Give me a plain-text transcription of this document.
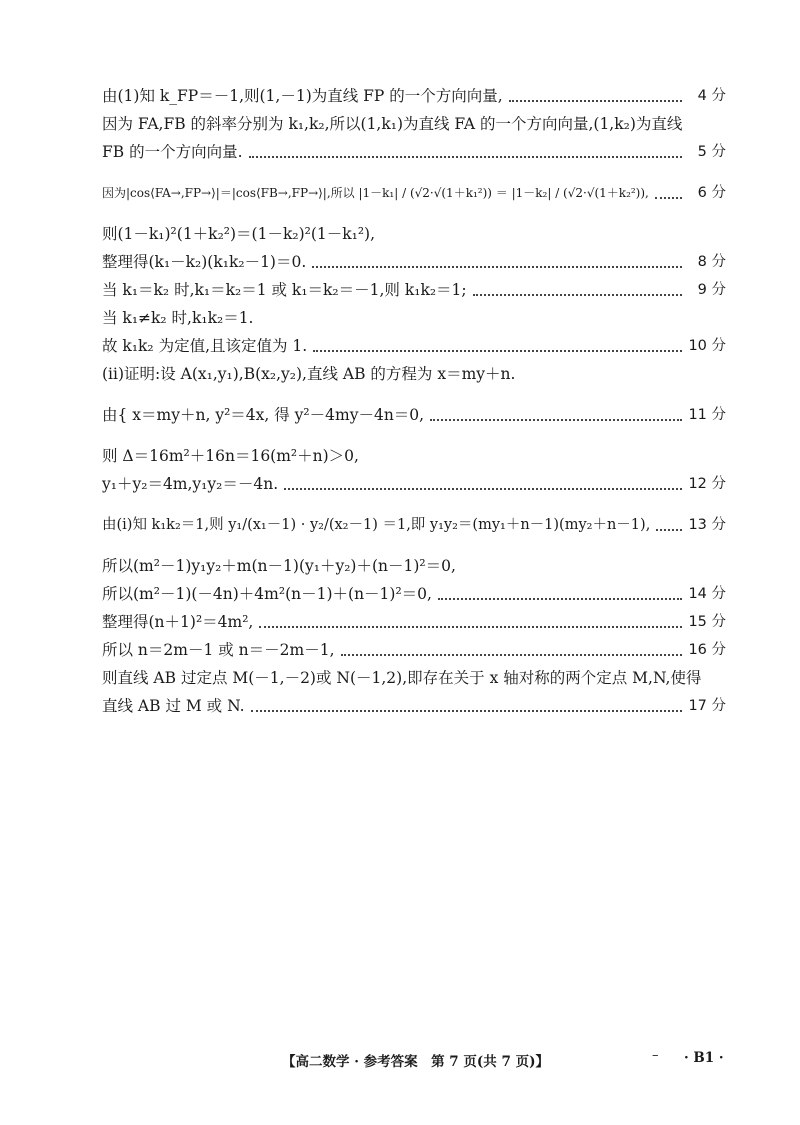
由(1)知 k_FP＝－1,则(1,－1)为直线 FP 的一个方向向量,	4 分
因为 FA,FB 的斜率分别为 k₁,k₂,所以(1,k₁)为直线 FA 的一个方向向量,(1,k₂)为直线
FB 的一个方向向量.	5 分
因为|cos⟨FA→,FP→⟩|＝|cos⟨FB→,FP→⟩|,所以 |1－k₁| / (√2·√(1＋k₁²)) ＝ |1－k₂| / (√2·√(1＋k₂²)),	6 分
则(1－k₁)²(1＋k₂²)＝(1－k₂)²(1－k₁²),
整理得(k₁－k₂)(k₁k₂－1)＝0.	8 分
当 k₁＝k₂ 时,k₁＝k₂＝1 或 k₁＝k₂＝－1,则 k₁k₂＝1;	9 分
当 k₁≠k₂ 时,k₁k₂＝1.
故 k₁k₂ 为定值,且该定值为 1.	10 分
(ⅱ)证明:设 A(x₁,y₁),B(x₂,y₂),直线 AB 的方程为 x＝my＋n.
由{ x＝my＋n, y²＝4x, 得 y²－4my－4n＝0,	11 分
则 Δ＝16m²＋16n＝16(m²＋n)＞0,
y₁＋y₂＝4m,y₁y₂＝－4n.	12 分
由(ⅰ)知 k₁k₂＝1,则 y₁/(x₁－1) · y₂/(x₂－1) ＝1,即 y₁y₂＝(my₁＋n－1)(my₂＋n－1),	13 分
所以(m²－1)y₁y₂＋m(n－1)(y₁＋y₂)＋(n－1)²＝0,
所以(m²－1)(－4n)＋4m²(n－1)＋(n－1)²＝0,	14 分
整理得(n＋1)²＝4m²,	15 分
所以 n＝2m－1 或 n＝－2m－1,	16 分
则直线 AB 过定点 M(－1,－2)或 N(－1,2),即存在关于 x 轴对称的两个定点 M,N,使得
直线 AB 过 M 或 N.	17 分
【高二数学 · 参考答案　第 7 页(共 7 页)】	– · B1 ·
